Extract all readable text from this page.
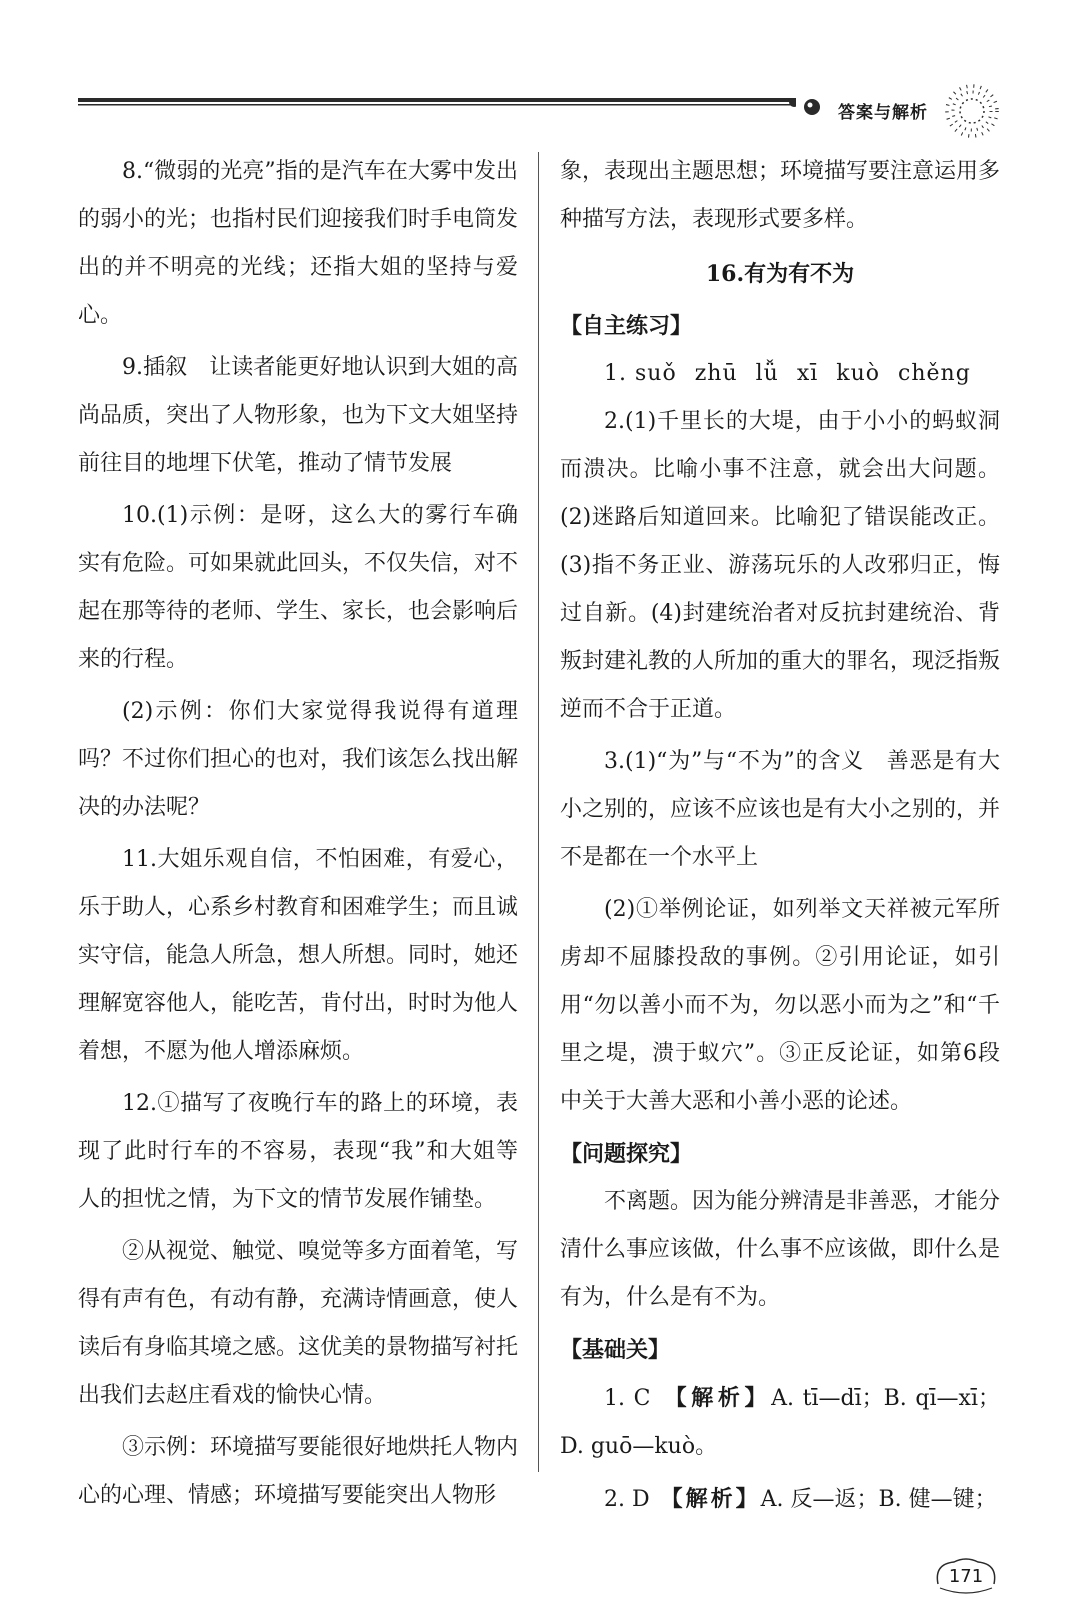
答案与解析

8.“微弱的光亮”指的是汽车在大雾中发出的弱小的光；也指村民们迎接我们时手电筒发出的并不明亮的光线；还指大姐的坚持与爱心。

9.插叙　让读者能更好地认识到大姐的高尚品质，突出了人物形象，也为下文大姐坚持前往目的地埋下伏笔，推动了情节发展

10.(1)示例：是呀，这么大的雾行车确实有危险。可如果就此回头，不仅失信，对不起在那等待的老师、学生、家长，也会影响后来的行程。

(2)示例：你们大家觉得我说得有道理吗？不过你们担心的也对，我们该怎么找出解决的办法呢？

11.大姐乐观自信，不怕困难，有爱心，乐于助人，心系乡村教育和困难学生；而且诚实守信，能急人所急，想人所想。同时，她还理解宽容他人，能吃苦，肯付出，时时为他人着想，不愿为他人增添麻烦。

12.①描写了夜晚行车的路上的环境，表现了此时行车的不容易，表现“我”和大姐等人的担忧之情，为下文的情节发展作铺垫。

②从视觉、触觉、嗅觉等多方面着笔，写得有声有色，有动有静，充满诗情画意，使人读后有身临其境之感。这优美的景物描写衬托出我们去赵庄看戏的愉快心情。

③示例：环境描写要能很好地烘托人物内心的心理、情感；环境描写要能突出人物形

象，表现出主题思想；环境描写要注意运用多种描写方法，表现形式要多样。

16.有为有不为

【自主练习】

1. suǒ zhū lǚ xī kuò chěng

2.(1)千里长的大堤，由于小小的蚂蚁洞而溃决。比喻小事不注意，就会出大问题。(2)迷路后知道回来。比喻犯了错误能改正。(3)指不务正业、游荡玩乐的人改邪归正，悔过自新。(4)封建统治者对反抗封建统治、背叛封建礼教的人所加的重大的罪名，现泛指叛逆而不合于正道。

3.(1)“为”与“不为”的含义　善恶是有大小之别的，应该不应该也是有大小之别的，并不是都在一个水平上

(2)①举例论证，如列举文天祥被元军所虏却不屈膝投敌的事例。②引用论证，如引用“勿以善小而不为，勿以恶小而为之”和“千里之堤，溃于蚁穴”。③正反论证，如第6段中关于大善大恶和小善小恶的论述。

【问题探究】

不离题。因为能分辨清是非善恶，才能分清什么事应该做，什么事不应该做，即什么是有为，什么是有不为。

【基础关】

1. C　【解析】A. tī—dī；B. qī—xī；D. guō—kuò。

2. D　【解析】A. 反—返；B. 健—键；

171
